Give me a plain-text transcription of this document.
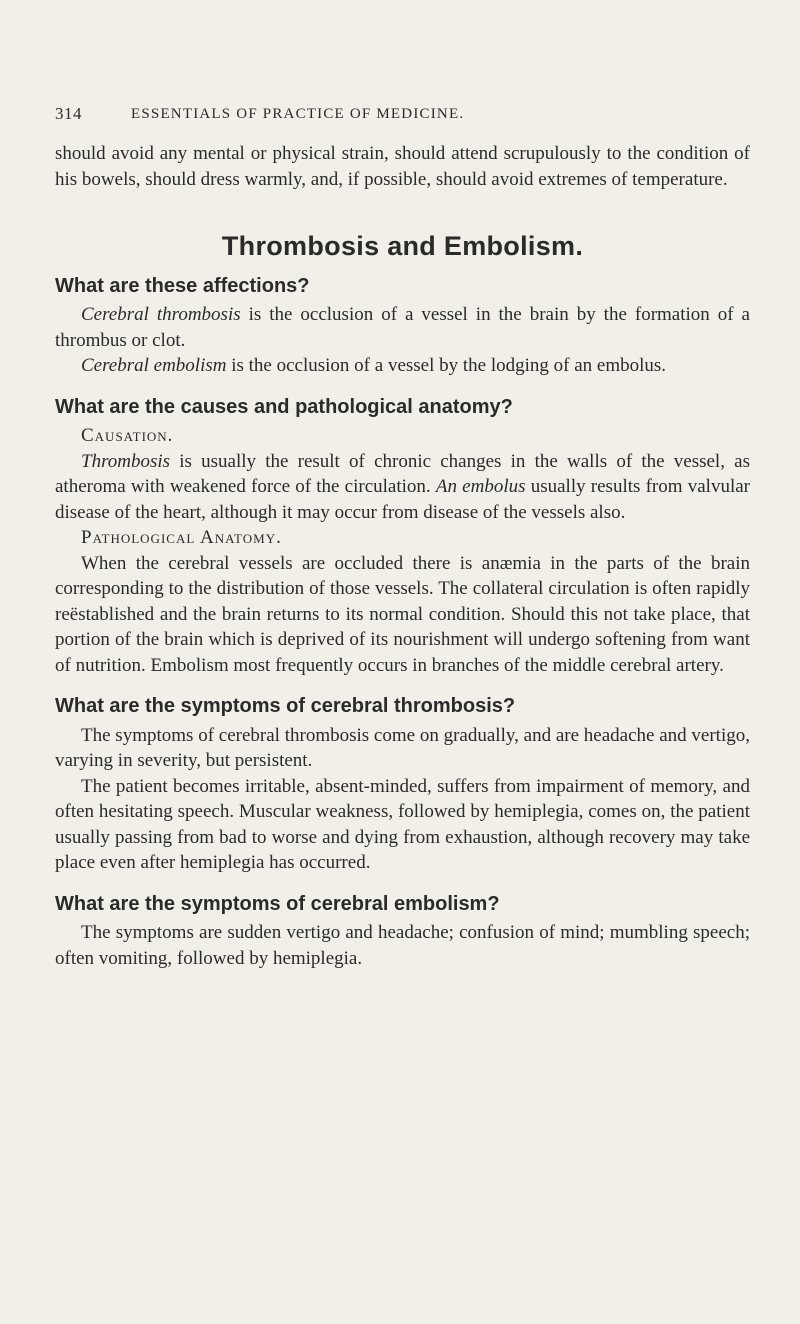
314	ESSENTIALS OF PRACTICE OF MEDICINE.

should avoid any mental or physical strain, should attend scrupulously to the condition of his bowels, should dress warmly, and, if possible, should avoid extremes of temperature.

Thrombosis and Embolism.
What are these affections?

Cerebral thrombosis is the occlusion of a vessel in the brain by the formation of a thrombus or clot.

Cerebral embolism is the occlusion of a vessel by the lodging of an embolus.

What are the causes and pathological anatomy?

Causation.

Thrombosis is usually the result of chronic changes in the walls of the vessel, as atheroma with weakened force of the circulation. An embolus usually results from valvular disease of the heart, although it may occur from disease of the vessels also.

Pathological Anatomy.

When the cerebral vessels are occluded there is anæmia in the parts of the brain corresponding to the distribution of those vessels. The collateral circulation is often rapidly reëstablished and the brain returns to its normal condition. Should this not take place, that portion of the brain which is deprived of its nourishment will undergo softening from want of nutrition. Embolism most frequently occurs in branches of the middle cerebral artery.

What are the symptoms of cerebral thrombosis?

The symptoms of cerebral thrombosis come on gradually, and are headache and vertigo, varying in severity, but persistent.

The patient becomes irritable, absent-minded, suffers from impairment of memory, and often hesitating speech. Muscular weakness, followed by hemiplegia, comes on, the patient usually passing from bad to worse and dying from exhaustion, although recovery may take place even after hemiplegia has occurred.

What are the symptoms of cerebral embolism?

The symptoms are sudden vertigo and headache; confusion of mind; mumbling speech; often vomiting, followed by hemiplegia.
